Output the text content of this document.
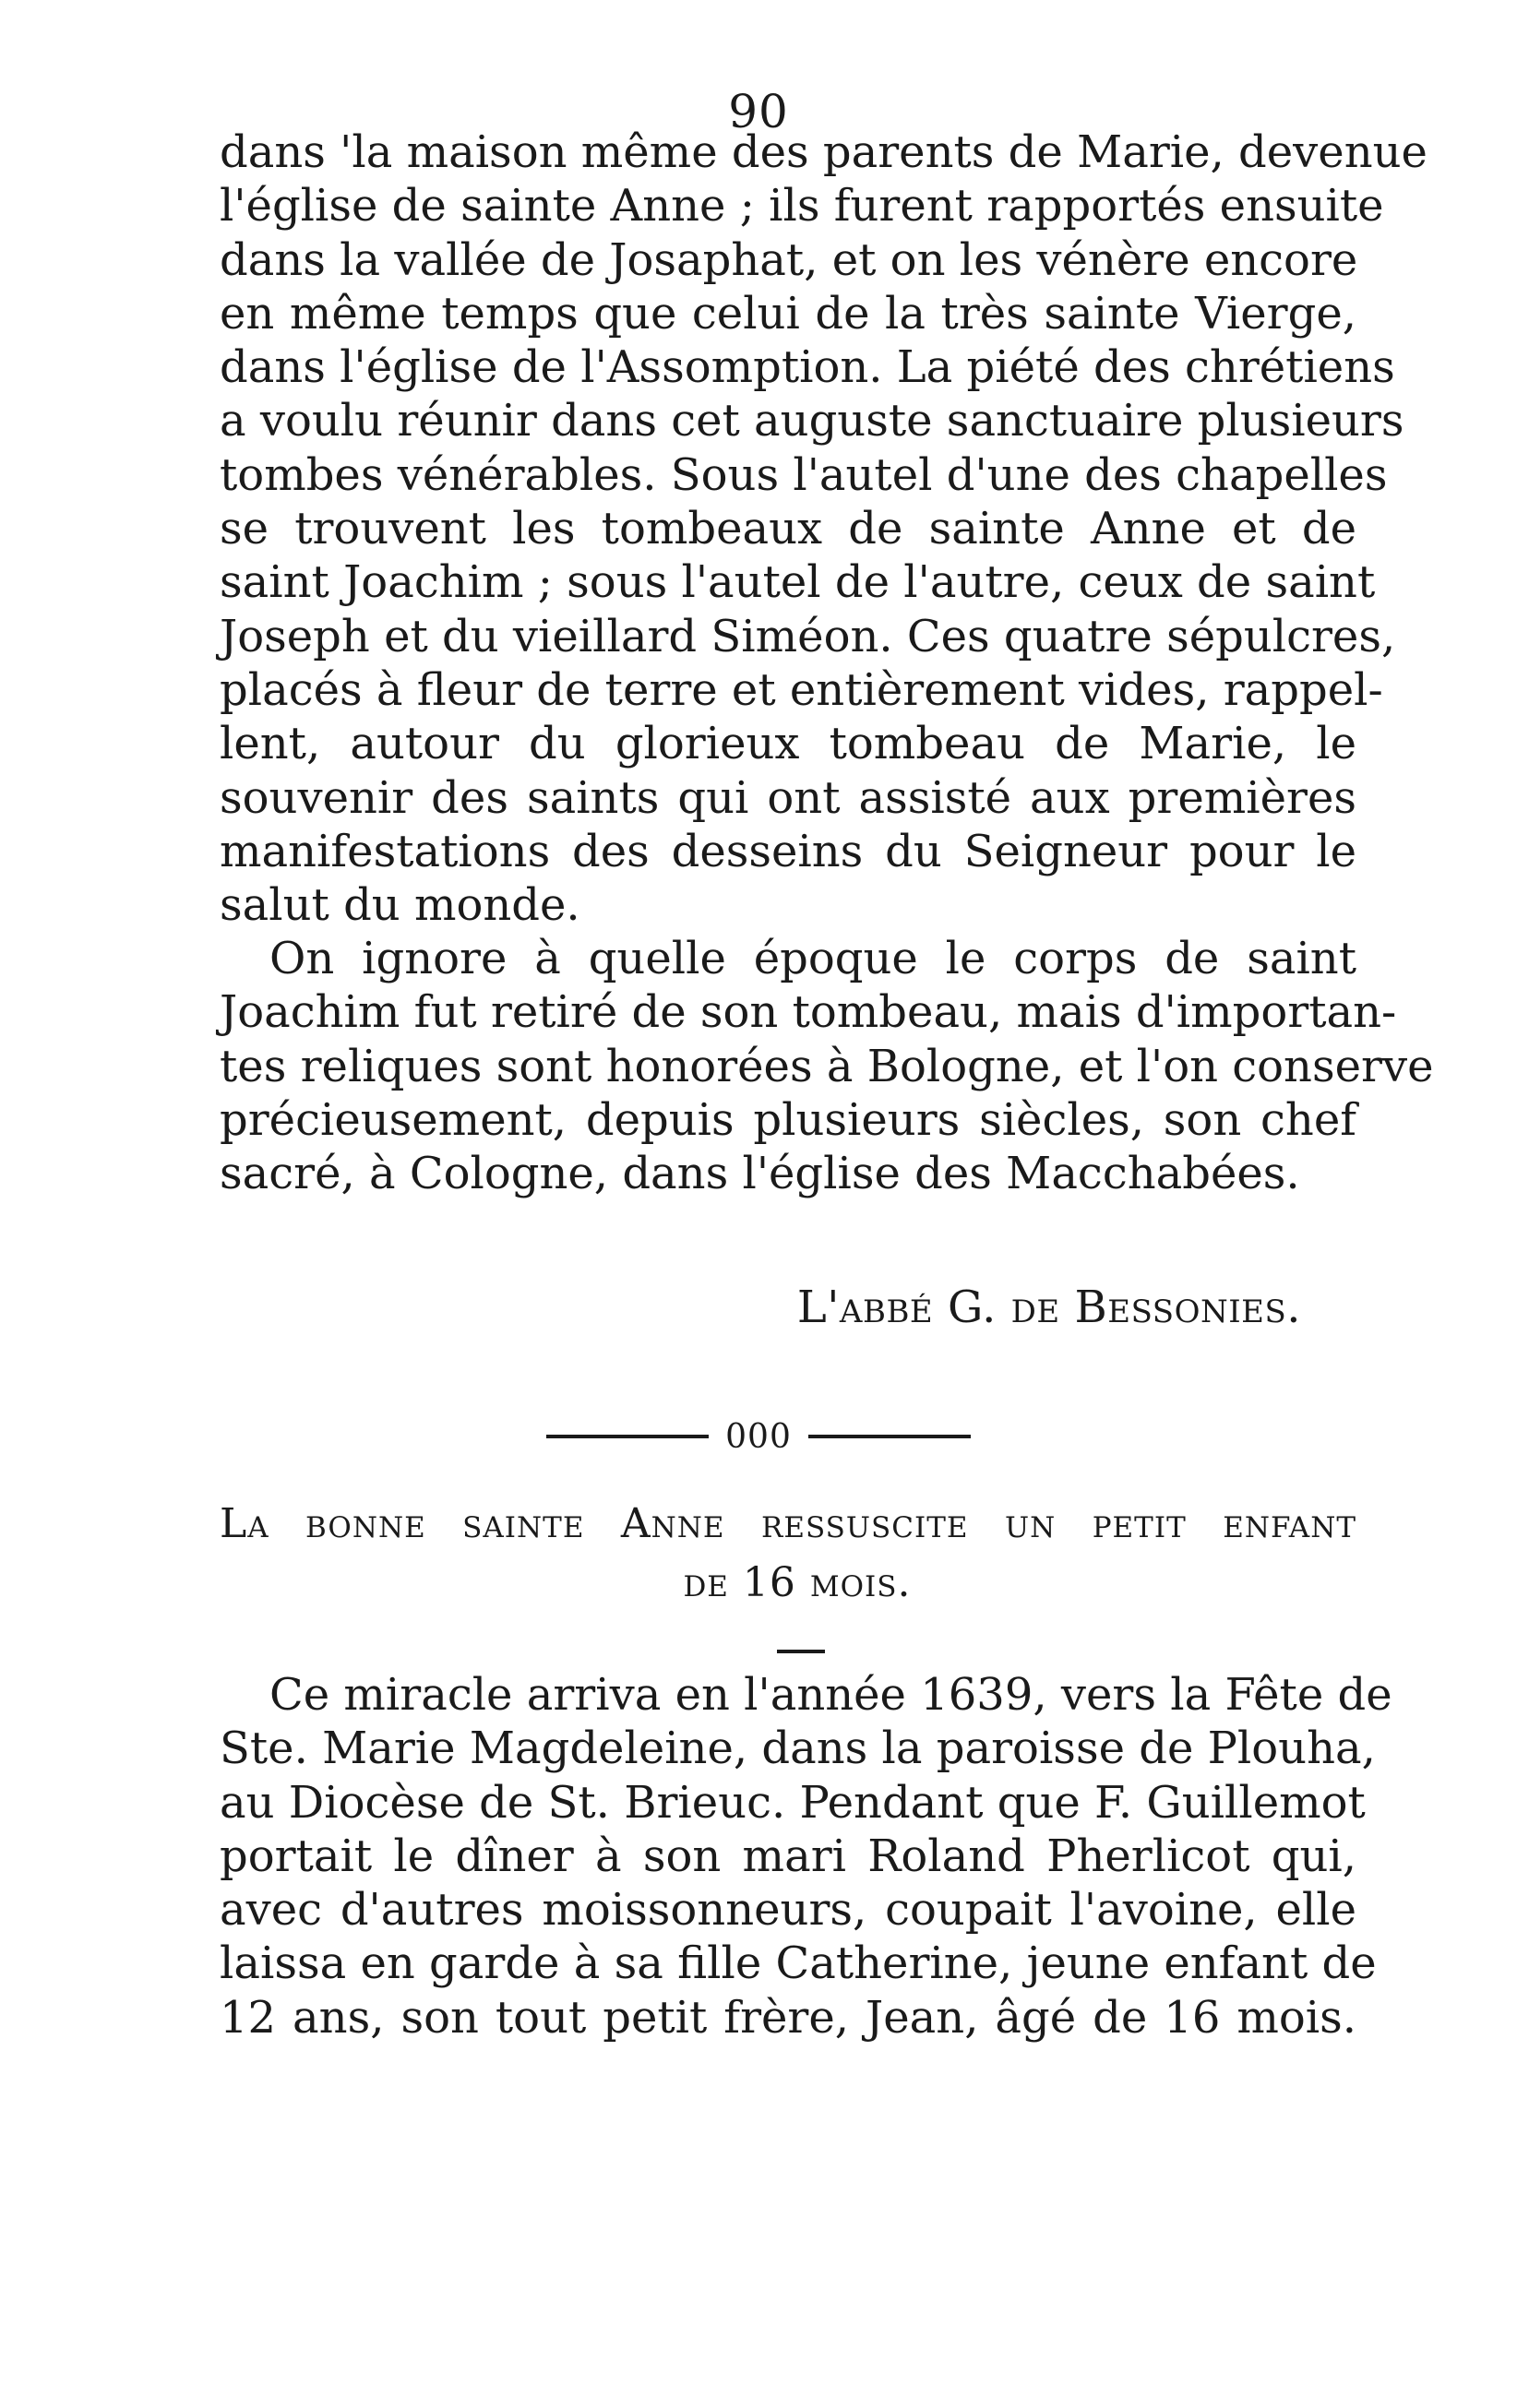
90
dans 'la maison même des parents de Marie, devenue
l'église de sainte Anne ; ils furent rapportés ensuite
dans la vallée de Josaphat, et on les vénère encore
en même temps que celui de la très sainte Vierge,
dans l'église de l'Assomption. La piété des chrétiens
a voulu réunir dans cet auguste sanctuaire plusieurs
tombes vénérables. Sous l'autel d'une des chapelles
se trouvent les tombeaux de sainte Anne et de
saint Joachim ; sous l'autel de l'autre, ceux de saint
Joseph et du vieillard Siméon. Ces quatre sépulcres,
placés à fleur de terre et entièrement vides, rappel-
lent, autour du glorieux tombeau de Marie, le
souvenir des saints qui ont assisté aux premières
manifestations des desseins du Seigneur pour le
salut du monde.
On ignore à quelle époque le corps de saint
Joachim fut retiré de son tombeau, mais d'importan-
tes reliques sont honorées à Bologne, et l'on conserve
précieusement, depuis plusieurs siècles, son chef
sacré, à Cologne, dans l'église des Macchabées.
L'abbé G. de Bessonies.
000
La bonne sainte Anne ressuscite un petit enfant
de 16 mois.
Ce miracle arriva en l'année 1639, vers la Fête de
Ste. Marie Magdeleine, dans la paroisse de Plouha,
au Diocèse de St. Brieuc. Pendant que F. Guillemot
portait le dîner à son mari Roland Pherlicot qui,
avec d'autres moissonneurs, coupait l'avoine, elle
laissa en garde à sa fille Catherine, jeune enfant de
12 ans, son tout petit frère, Jean, âgé de 16 mois.
